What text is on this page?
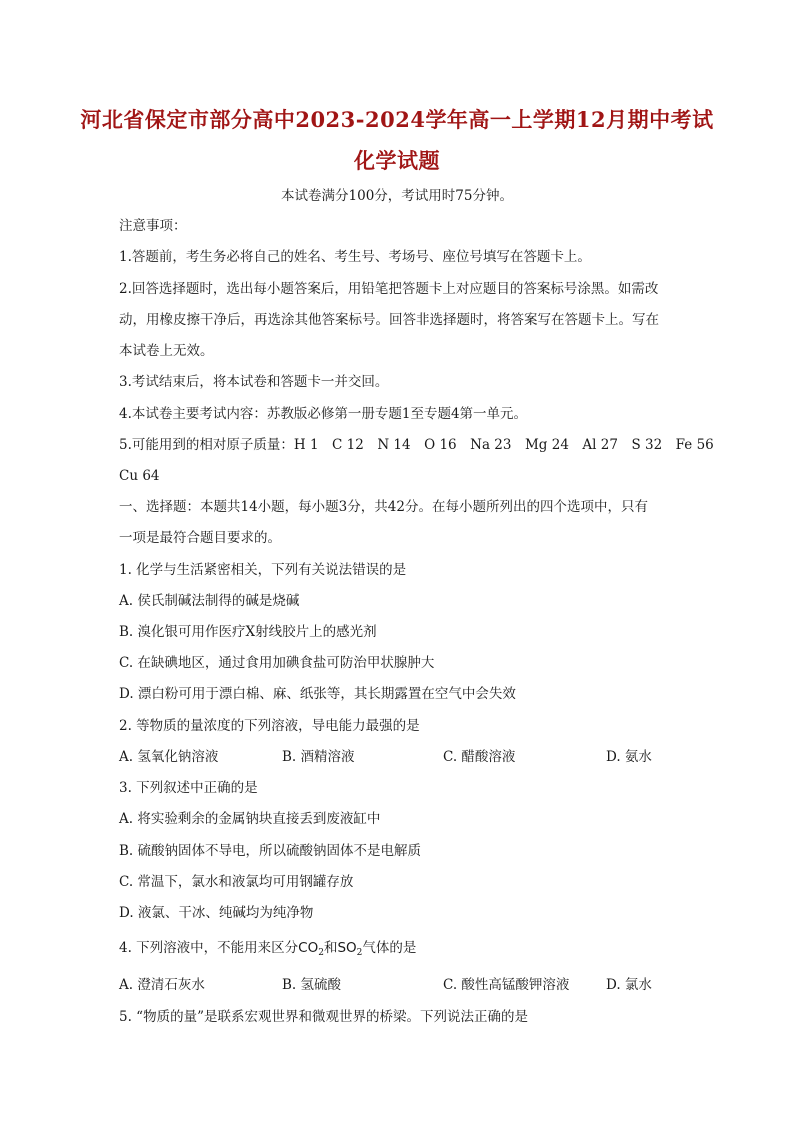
河北省保定市部分高中2023-2024学年高一上学期12月期中考试
化学试题
本试卷满分100分，考试用时75分钟。
注意事项：
1.答题前，考生务必将自己的姓名、考生号、考场号、座位号填写在答题卡上。
2.回答选择题时，选出每小题答案后，用铅笔把答题卡上对应题目的答案标号涂黑。如需改
动，用橡皮擦干净后，再选涂其他答案标号。回答非选择题时，将答案写在答题卡上。写在
本试卷上无效。
3.考试结束后，将本试卷和答题卡一并交回。
4.本试卷主要考试内容：苏教版必修第一册专题1至专题4第一单元。
5.可能用到的相对原子质量：H 1　C 12　N 14　O 16　Na 23　Mg 24　Al 27　S 32　Fe 56
Cu 64
一、选择题：本题共14小题，每小题3分，共42分。在每小题所列出的四个选项中，只有
一项是最符合题目要求的。
1. 化学与生活紧密相关，下列有关说法错误的是
A. 侯氏制碱法制得的碱是烧碱
B. 溴化银可用作医疗X射线胶片上的感光剂
C. 在缺碘地区，通过食用加碘食盐可防治甲状腺肿大
D. 漂白粉可用于漂白棉、麻、纸张等，其长期露置在空气中会失效
2. 等物质的量浓度的下列溶液，导电能力最强的是
A. 氢氧化钠溶液	B. 酒精溶液	C. 醋酸溶液	D. 氨水
3. 下列叙述中正确的是
A. 将实验剩余的金属钠块直接丢到废液缸中
B. 硫酸钠固体不导电，所以硫酸钠固体不是电解质
C. 常温下，氯水和液氯均可用钢罐存放
D. 液氯、干冰、纯碱均为纯净物
4. 下列溶液中，不能用来区分$CO_2$和$SO_2$气体的是
A. 澄清石灰水	B. 氢硫酸	C. 酸性高锰酸钾溶液	D. 氯水
5. “物质的量”是联系宏观世界和微观世界的桥梁。下列说法正确的是
